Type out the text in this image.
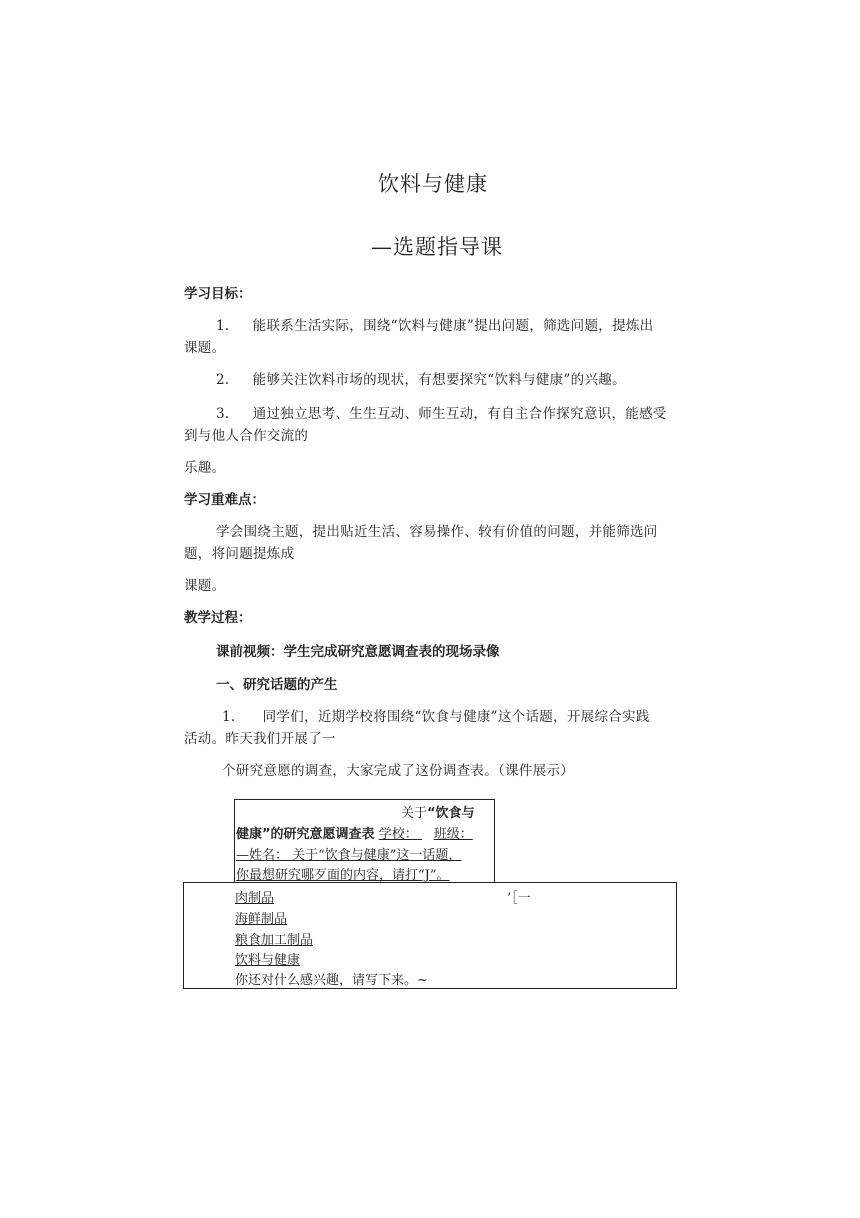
饮料与健康
—选题指导课
学习目标：
1. 能联系生活实际，围绕“饮料与健康”提出问题，筛选问题，提炼出
课题。
2. 能够关注饮料市场的现状，有想要探究“饮料与健康”的兴趣。
3. 通过独立思考、生生互动、师生互动，有自主合作探究意识，能感受
到与他人合作交流的
乐趣。
学习重难点：
学会围绕主题，提出贴近生活、容易操作、较有价值的问题，并能筛选问
题，将问题提炼成
课题。
教学过程：
课前视频：学生完成研究意愿调查表的现场录像
一、研究话题的产生
1. 同学们，近期学校将围绕“饮食与健康”这个话题，开展综合实践
活动。昨天我们开展了一
个研究意愿的调查，大家完成了这份调查表。（课件展示）
关于“饮食与
健康”的研究意愿调查表 学校： 班级：
—姓名： 关于“饮食与健康”这一话题，
你最想研究哪歹面的内容，请打“J”。
肉制品	’［一
海鲜制品
粮食加工制品
饮料与健康
你还对什么感兴趣，请写下来。~
